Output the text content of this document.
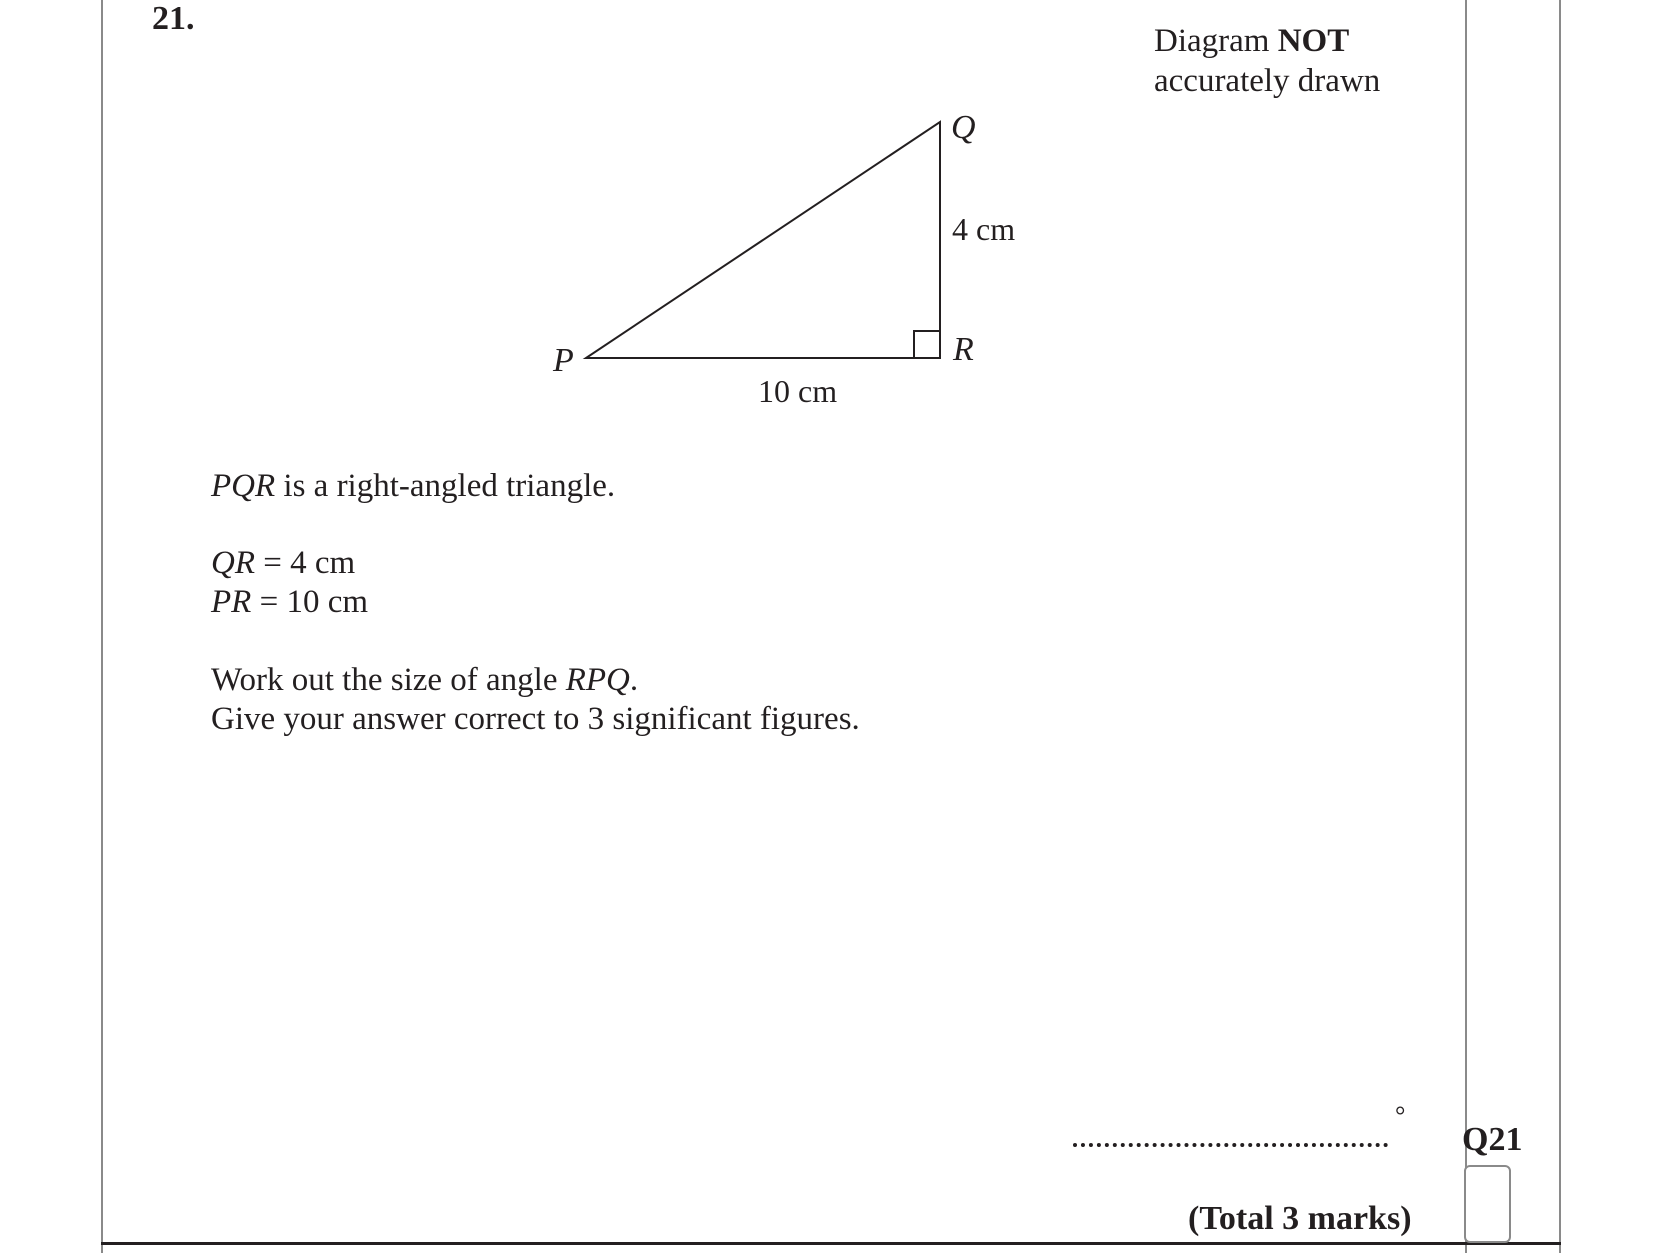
21.
Diagram NOT
accurately drawn
P
Q
R
4 cm
10 cm
PQR is a right-angled triangle.
QR = 4 cm
PR = 10 cm
Work out the size of angle RPQ.
Give your answer correct to 3 significant figures.
°
Q21
(Total 3 marks)
